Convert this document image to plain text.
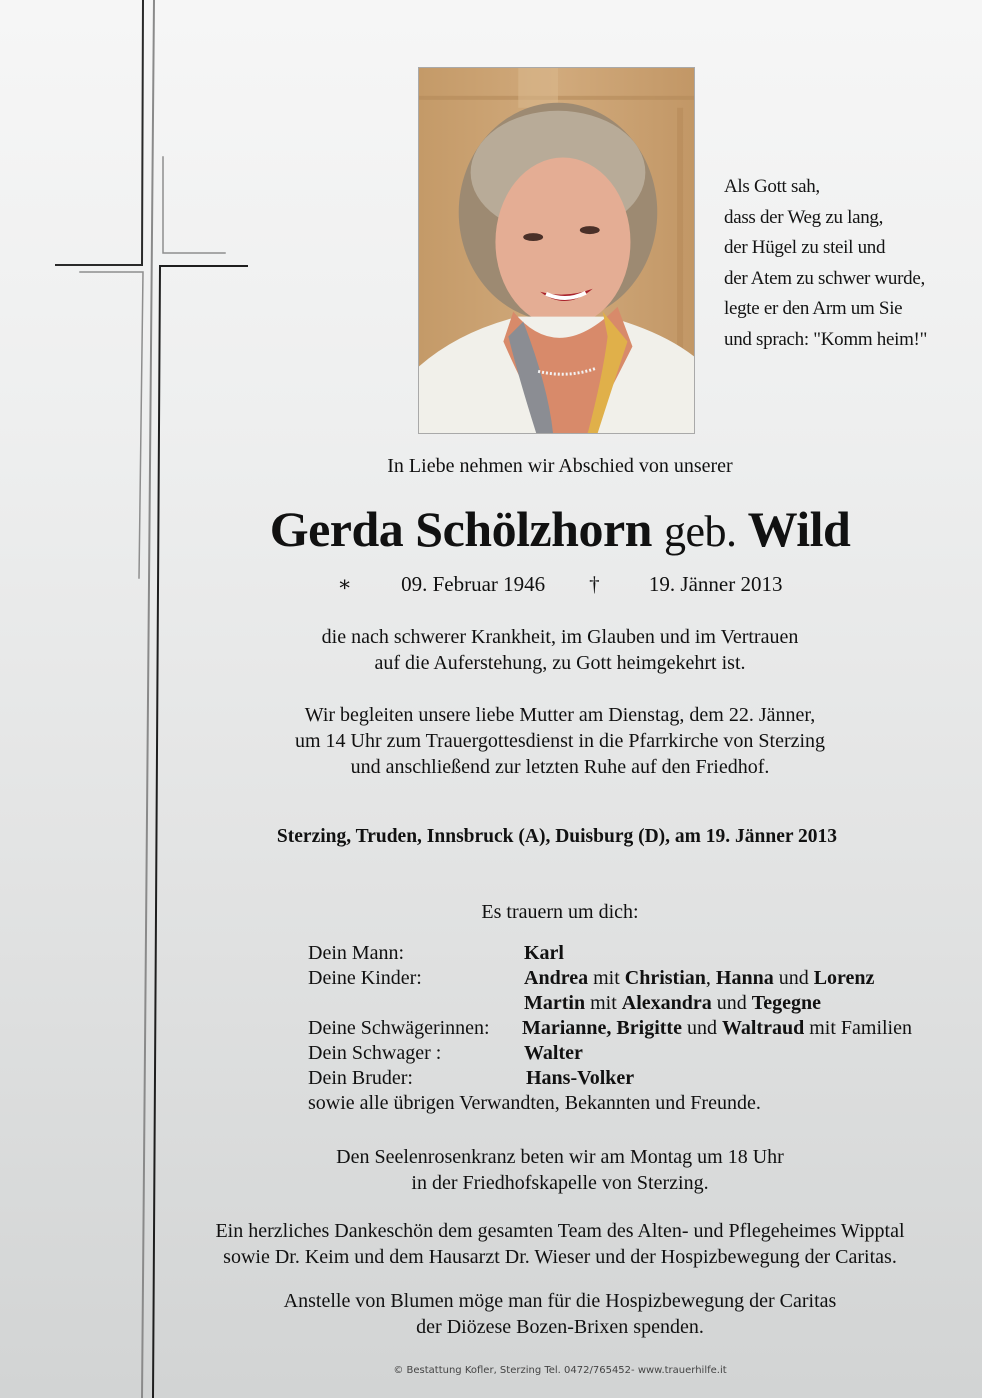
Als Gott sah,
dass der Weg zu lang,
der Hügel zu steil und
der Atem zu schwer wurde,
legte er den Arm um Sie
und sprach: "Komm heim!"
In Liebe nehmen wir Abschied von unserer
Gerda Schölzhorn geb. Wild
∗ 09. Februar 1946 † 19. Jänner 2013
die nach schwerer Krankheit, im Glauben und im Vertrauen
auf die Auferstehung, zu Gott heimgekehrt ist.
Wir begleiten unsere liebe Mutter am Dienstag, dem 22. Jänner,
um 14 Uhr zum Trauergottesdienst in die Pfarrkirche von Sterzing
und anschließend zur letzten Ruhe auf den Friedhof.
Sterzing, Truden, Innsbruck (A), Duisburg (D), am 19. Jänner 2013
Es trauern um dich:
Dein Mann:	Karl
Deine Kinder:	Andrea mit Christian, Hanna und Lorenz
Martin mit Alexandra und Tegegne
Deine Schwägerinnen: Marianne, Brigitte und Waltraud mit Familien
Dein Schwager :	Walter
Dein Bruder:	Hans-Volker
sowie alle übrigen Verwandten, Bekannten und Freunde.
Den Seelenrosenkranz beten wir am Montag um 18 Uhr
in der Friedhofskapelle von Sterzing.
Ein herzliches Dankeschön dem gesamten Team des Alten- und Pflegeheimes Wipptal
sowie Dr. Keim und dem Hausarzt Dr. Wieser und der Hospizbewegung der Caritas.
Anstelle von Blumen möge man für die Hospizbewegung der Caritas
der Diözese Bozen-Brixen spenden.
© Bestattung Kofler, Sterzing Tel. 0472/765452- www.trauerhilfe.it
